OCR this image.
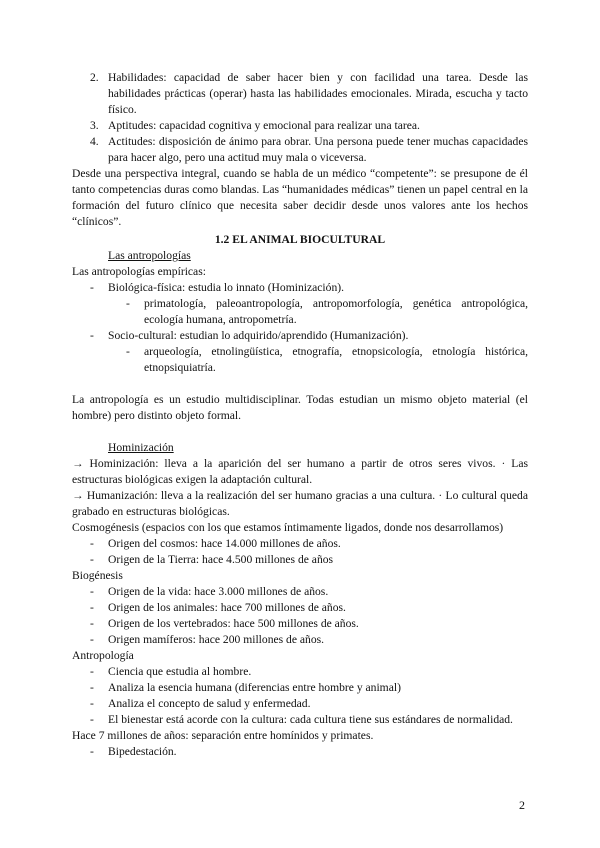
2. Habilidades: capacidad de saber hacer bien y con facilidad una tarea. Desde las habilidades prácticas (operar) hasta las habilidades emocionales. Mirada, escucha y tacto físico.
3. Aptitudes: capacidad cognitiva y emocional para realizar una tarea.
4. Actitudes: disposición de ánimo para obrar. Una persona puede tener muchas capacidades para hacer algo, pero una actitud muy mala o viceversa.

Desde una perspectiva integral, cuando se habla de un médico “competente”: se presupone de él tanto competencias duras como blandas. Las “humanidades médicas” tienen un papel central en la formación del futuro clínico que necesita saber decidir desde unos valores ante los hechos “clínicos”.

1.2 EL ANIMAL BIOCULTURAL
Las antropologías

Las antropologías empíricas:

- Biológica-física: estudia lo innato (Hominización).
- primatología, paleoantropología, antropomorfología, genética antropológica, ecología humana, antropometría.
- Socio-cultural: estudian lo adquirido/aprendido (Humanización).
- arqueología, etnolingüística, etnografía, etnopsicología, etnología histórica, etnopsiquiatría.

La antropología es un estudio multidisciplinar. Todas estudian un mismo objeto material (el hombre) pero distinto objeto formal.

Hominización

→ Hominización: lleva a la aparición del ser humano a partir de otros seres vivos. · Las estructuras biológicas exigen la adaptación cultural.

→ Humanización: lleva a la realización del ser humano gracias a una cultura. · Lo cultural queda grabado en estructuras biológicas.

Cosmogénesis (espacios con los que estamos íntimamente ligados, donde nos desarrollamos)

- Origen del cosmos: hace 14.000 millones de años.
- Origen de la Tierra: hace 4.500 millones de años

Biogénesis

- Origen de la vida: hace 3.000 millones de años.
- Origen de los animales: hace 700 millones de años.
- Origen de los vertebrados: hace 500 millones de años.
- Origen mamíferos: hace 200 millones de años.

Antropología

- Ciencia que estudia al hombre.
- Analiza la esencia humana (diferencias entre hombre y animal)
- Analiza el concepto de salud y enfermedad.
- El bienestar está acorde con la cultura: cada cultura tiene sus estándares de normalidad.

Hace 7 millones de años: separación entre homínidos y primates.

- Bipedestación.
2
